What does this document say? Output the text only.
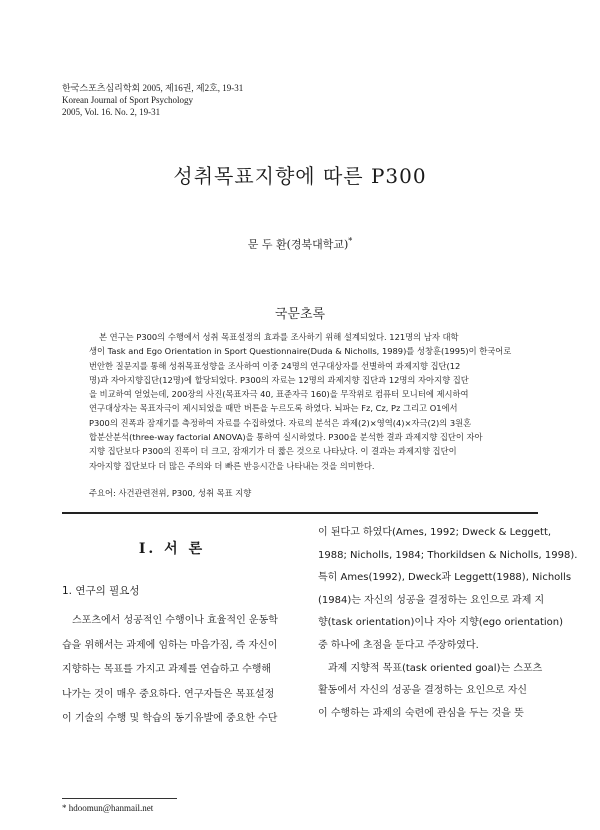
한국스포츠심리학회 2005, 제16권, 제2호, 19-31
Korean Journal of Sport Psychology
2005, Vol. 16. No. 2, 19-31
성취목표지향에 따른 P300
문 두 환(경북대학교)*
국문초록
본 연구는 P300의 수행에서 성취 목표설정의 효과를 조사하기 위해 설계되었다. 121명의 남자 대학
생이 Task and Ego Orientation in Sport Questionnaire(Duda & Nicholls, 1989)를 성창훈(1995)이 한국어로
번안한 질문지를 통해 성취목표성향을 조사하여 이중 24명의 연구대상자를 선별하여 과제지향 집단(12
명)과 자아지향집단(12명)에 할당되었다. P300의 자료는 12명의 과제지향 집단과 12명의 자아지향 집단
을 비교하여 얻었는데, 200장의 사진(목표자극 40, 표준자극 160)을 무작위로 컴퓨터 모니터에 제시하여
연구대상자는 목표자극이 제시되었을 때만 버튼을 누르도록 하였다. 뇌파는 Fz, Cz, Pz 그리고 O1에서
P300의 진폭과 잠재기를 측정하여 자료를 수집하였다. 자료의 분석은 과제(2)×영역(4)×자극(2)의 3원혼
합분산분석(three-way factorial ANOVA)을 통하여 실시하였다. P300을 분석한 결과 과제지향 집단이 자아
지향 집단보다 P300의 진폭이 더 크고, 잠재기가 더 짧은 것으로 나타났다. 이 결과는 과제지향 집단이
자아지향 집단보다 더 많은 주의와 더 빠른 반응시간을 나타내는 것을 의미한다.
주요어: 사건관련전위, P300, 성취 목표 지향
Ⅰ. 서 론
1. 연구의 필요성
스포츠에서 성공적인 수행이나 효율적인 운동학
습을 위해서는 과제에 임하는 마음가짐, 즉 자신이
지향하는 목표를 가지고 과제를 연습하고 수행해
나가는 것이 매우 중요하다. 연구자들은 목표설정
이 기술의 수행 및 학습의 동기유발에 중요한 수단
이 된다고 하였다(Ames, 1992; Dweck & Leggett,
1988; Nicholls, 1984; Thorkildsen & Nicholls, 1998).
특히 Ames(1992), Dweck과 Leggett(1988), Nicholls
(1984)는 자신의 성공을 결정하는 요인으로 과제 지
향(task orientation)이나 자아 지향(ego orientation)
중 하나에 초점을 둔다고 주장하였다.
과제 지향적 목표(task oriented goal)는 스포츠
활동에서 자신의 성공을 결정하는 요인으로 자신
이 수행하는 과제의 숙련에 관심을 두는 것을 뜻
* hdoomun@hanmail.net
